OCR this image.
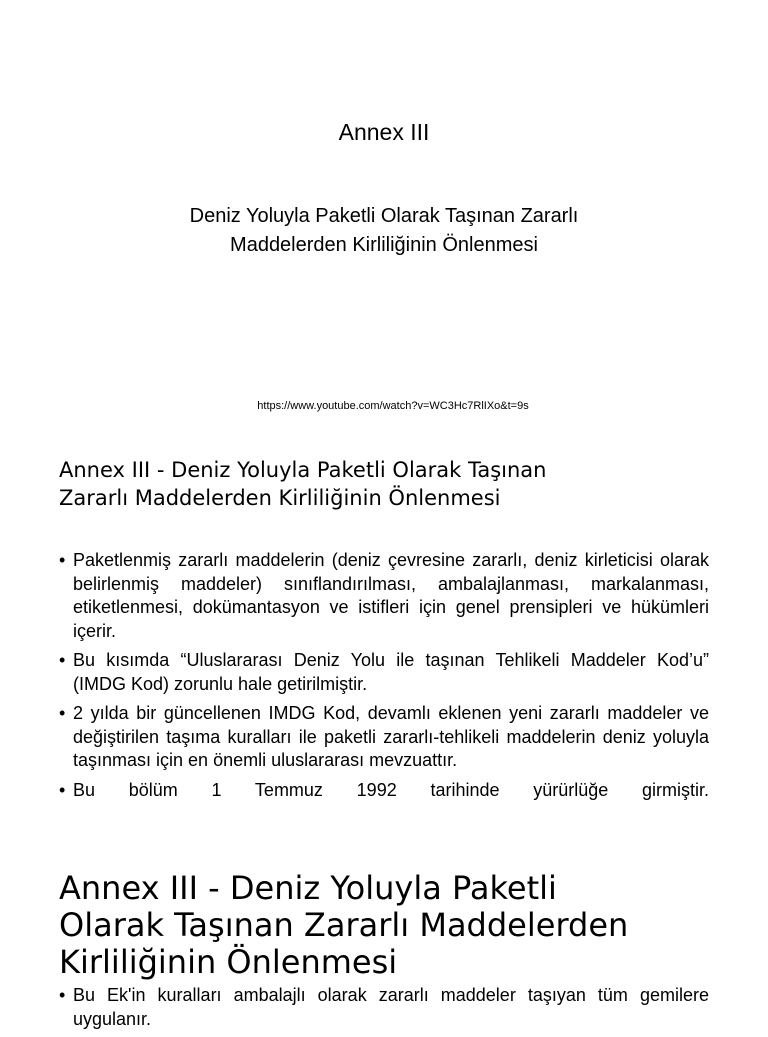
Annex III
Deniz Yoluyla Paketli Olarak Taşınan Zararlı
Maddelerden Kirliliğinin Önlenmesi
https://www.youtube.com/watch?v=WC3Hc7RlIXo&t=9s
Annex III - Deniz Yoluyla Paketli Olarak Taşınan
Zararlı Maddelerden Kirliliğinin Önlenmesi
• Paketlenmiş zararlı maddelerin (deniz çevresine zararlı, deniz kirleticisi olarak belirlenmiş maddeler) sınıflandırılması, ambalajlanması, markalanması, etiketlenmesi, dokümantasyon ve istifleri için genel prensipleri ve hükümleri içerir.
• Bu kısımda “Uluslararası Deniz Yolu ile taşınan Tehlikeli Maddeler Kod’u” (IMDG Kod) zorunlu hale getirilmiştir.
• 2 yılda bir güncellenen IMDG Kod, devamlı eklenen yeni zararlı maddeler ve değiştirilen taşıma kuralları ile paketli zararlı-tehlikeli maddelerin deniz yoluyla taşınması için en önemli uluslararası mevzuattır.
• Bu bölüm 1 Temmuz 1992 tarihinde yürürlüğe girmiştir.
Annex III - Deniz Yoluyla Paketli
Olarak Taşınan Zararlı Maddelerden
Kirliliğinin Önlenmesi
• Bu Ek'in kuralları ambalajlı olarak zararlı maddeler taşıyan tüm gemilere uygulanır.
